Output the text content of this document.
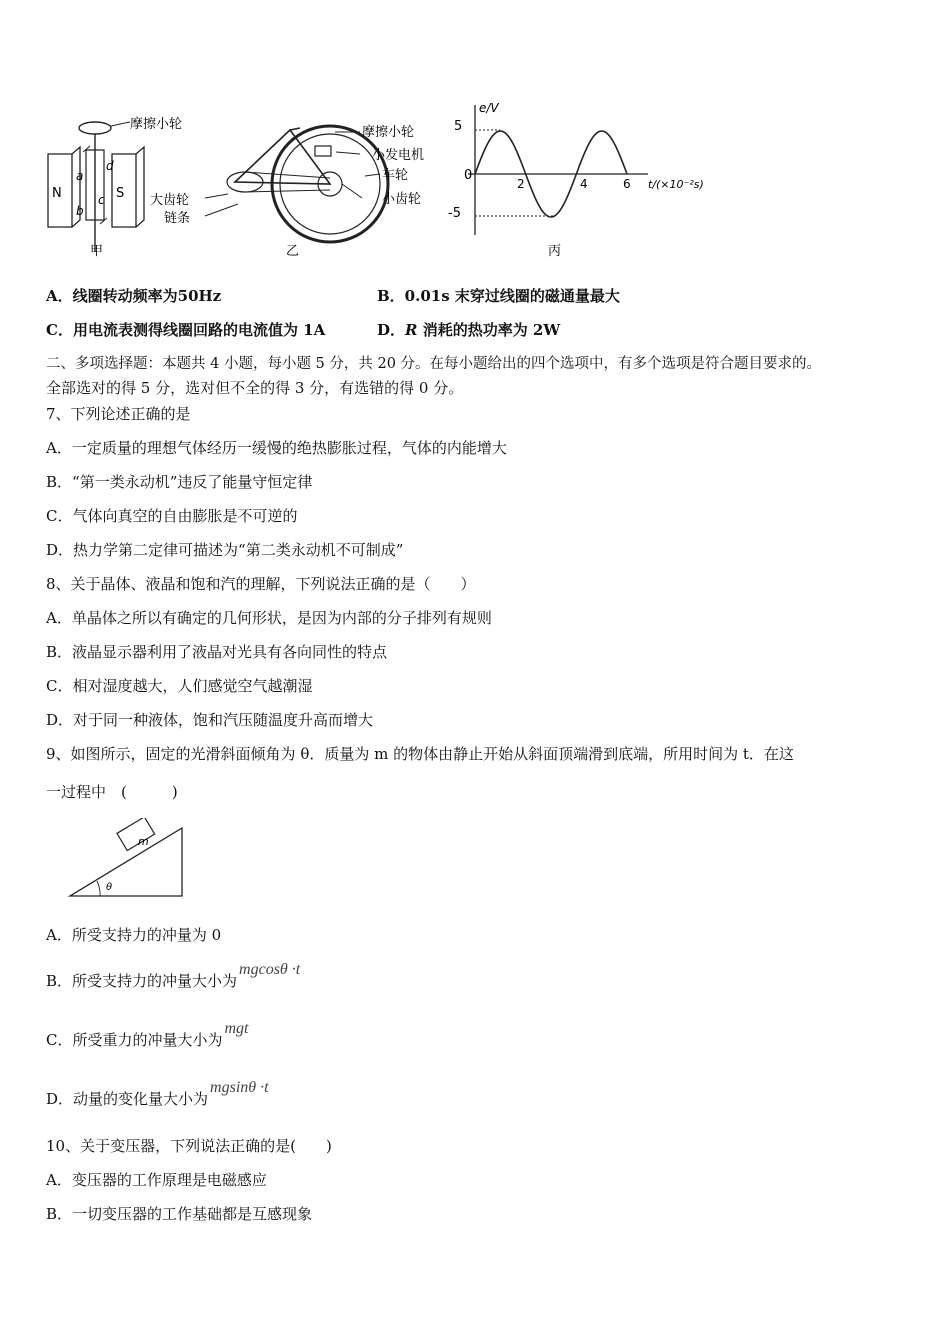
摩擦小轮
N	S
a
b
c
d
甲
摩擦小轮
小发电机
车轮
小齿轮
大齿轮
链条
乙
e/V
t/(×10⁻²s)
5
0
-5
2	4	6
丙
A．线圈转动频率为50Hz	B．0.01s 末穿过线圈的磁通量最大
C．用电流表测得线圈回路的电流值为 1A	D．R 消耗的热功率为 2W
二、多项选择题：本题共 4 小题，每小题 5 分，共 20 分。在每小题给出的四个选项中，有多个选项是符合题目要求的。
全部选对的得 5 分，选对但不全的得 3 分，有选错的得 0 分。
7、下列论述正确的是
A．一定质量的理想气体经历一缓慢的绝热膨胀过程，气体的内能增大
B．“第一类永动机”违反了能量守恒定律
C．气体向真空的自由膨胀是不可逆的
D．热力学第二定律可描述为“第二类永动机不可制成”
8、关于晶体、液晶和饱和汽的理解，下列说法正确的是（　　）
A．单晶体之所以有确定的几何形状，是因为内部的分子排列有规则
B．液晶显示器利用了液晶对光具有各向同性的特点
C．相对湿度越大，人们感觉空气越潮湿
D．对于同一种液体，饱和汽压随温度升高而增大
9、如图所示，固定的光滑斜面倾角为 θ．质量为 m 的物体由静止开始从斜面顶端滑到底端，所用时间为 t．在这
一过程中　(　　　)
m
θ
A．所受支持力的冲量为 0
B．所受支持力的冲量大小为mgcosθ ·t
C．所受重力的冲量大小为mgt
D．动量的变化量大小为mgsinθ ·t
10、关于变压器，下列说法正确的是(　　)
A．变压器的工作原理是电磁感应
B．一切变压器的工作基础都是互感现象
